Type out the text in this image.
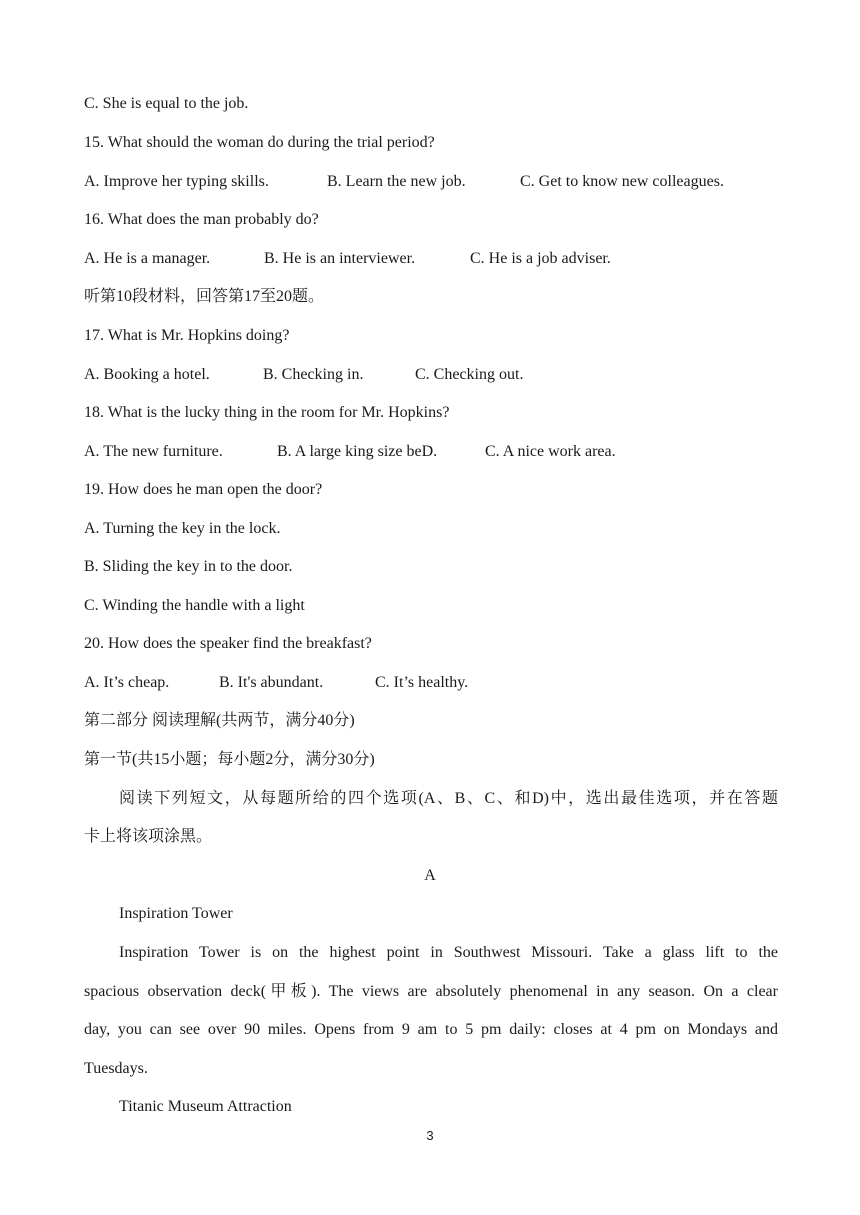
C. She is equal to the job.
15. What should the woman do during the trial period?
A. Improve her typing skills.	B. Learn the new job.	C. Get to know new colleagues.
16. What does the man probably do?
A. He is a manager.	B. He is an interviewer.	C. He is a job adviser.
听第10段材料，回答第17至20题。
17. What is Mr. Hopkins doing?
A. Booking a hotel.	B. Checking in.	C. Checking out.
18. What is the lucky thing in the room for Mr. Hopkins?
A. The new furniture.	B. A large king size beD.	C. A nice work area.
19. How does he man open the door?
A. Turning the key in the lock.
B. Sliding the key in to the door.
C. Winding the handle with a light
20. How does the speaker find the breakfast?
A. It’s cheap.	B. It's abundant.	C. It’s healthy.
第二部分 阅读理解(共两节，满分40分)
第一节(共15小题；每小题2分，满分30分)
阅读下列短文，从每题所给的四个选项(A、B、C、和D)中，选出最佳选项，并在答题
卡上将该项涂黑。
A
Inspiration Tower
Inspiration Tower is on the highest point in Southwest Missouri. Take a glass lift to the
spacious observation deck(甲板). The views are absolutely phenomenal in any season. On a clear
day, you can see over 90 miles. Opens from 9 am to 5 pm daily: closes at 4 pm on Mondays and
Tuesdays.
Titanic Museum Attraction
3
